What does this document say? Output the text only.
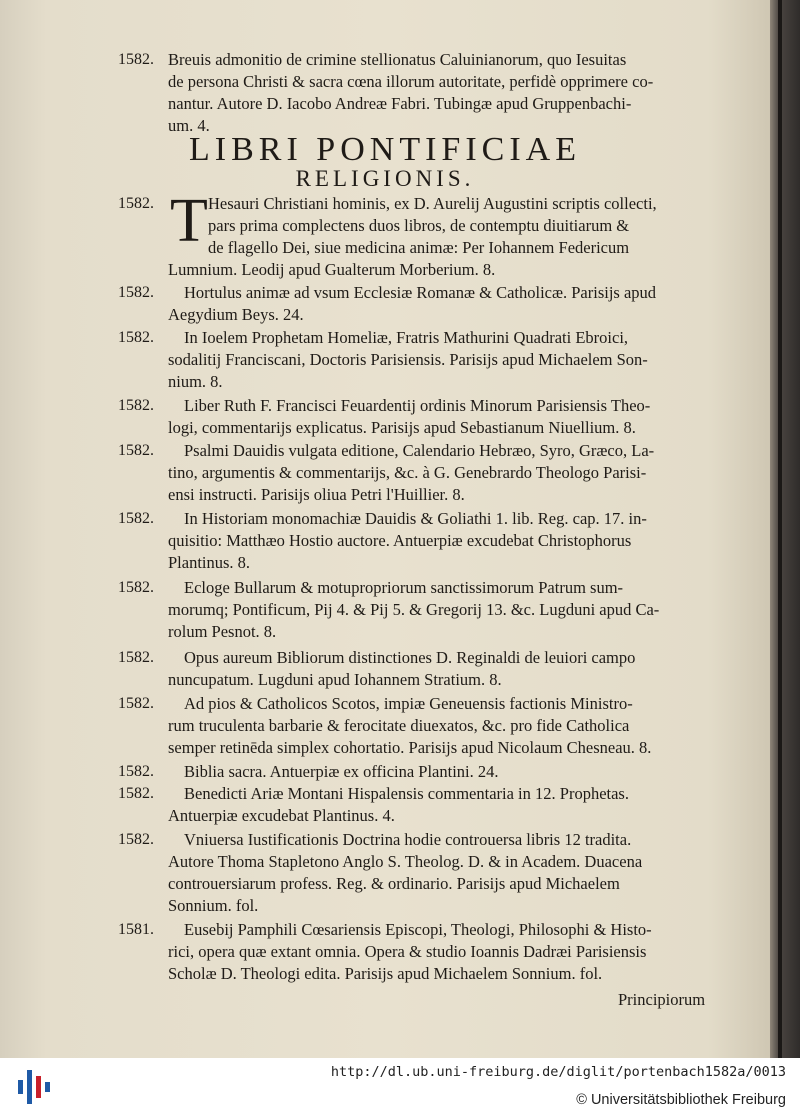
1582. Breuis admonitio de crimine stellionatus Caluinianorum, quo Iesuitas
de persona Christi & sacra cœna illorum autoritate, perfidè opprimere co-
nantur. Autore D. Iacobo Andreæ Fabri. Tubingæ apud Gruppenbachi-
um. 4.
LIBRI PONTIFICIAE
RELIGIONIS.
T
1582.	Hesauri Christiani hominis, ex D. Aurelij Augustini scriptis collecti,
pars prima complectens duos libros, de contemptu diuitiarum &
de flagello Dei, siue medicina animæ: Per Iohannem Federicum
Lumnium. Leodij apud Gualterum Morberium. 8.
1582. Hortulus animæ ad vsum Ecclesiæ Romanæ & Catholicæ. Parisijs apud
Aegydium Beys. 24.
1582. In Ioelem Prophetam Homeliæ, Fratris Mathurini Quadrati Ebroici,
sodalitij Franciscani, Doctoris Parisiensis. Parisijs apud Michaelem Son-
nium. 8.
1582. Liber Ruth F. Francisci Feuardentij ordinis Minorum Parisiensis Theo-
logi, commentarijs explicatus. Parisijs apud Sebastianum Niuellium. 8.
1582. Psalmi Dauidis vulgata editione, Calendario Hebræo, Syro, Græco, La-
tino, argumentis & commentarijs, &c. à G. Genebrardo Theologo Parisi-
ensi instructi. Parisijs oliua Petri l'Huillier. 8.
1582. In Historiam monomachiæ Dauidis & Goliathi 1. lib. Reg. cap. 17. in-
quisitio: Matthæo Hostio auctore. Antuerpiæ excudebat Christophorus
Plantinus. 8.
1582. Ecloge Bullarum & motupropriorum sanctissimorum Patrum sum-
morumq; Pontificum, Pij 4. & Pij 5. & Gregorij 13. &c. Lugduni apud Ca-
rolum Pesnot. 8.
1582. Opus aureum Bibliorum distinctiones D. Reginaldi de leuiori campo
nuncupatum. Lugduni apud Iohannem Stratium. 8.
1582. Ad pios & Catholicos Scotos, impiæ Geneuensis factionis Ministro-
rum truculenta barbarie & ferocitate diuexatos, &c. pro fide Catholica
semper retinēda simplex cohortatio. Parisijs apud Nicolaum Chesneau. 8.
1582. Biblia sacra. Antuerpiæ ex officina Plantini. 24.
1582. Benedicti Ariæ Montani Hispalensis commentaria in 12. Prophetas.
Antuerpiæ excudebat Plantinus. 4.
1582. Vniuersa Iustificationis Doctrina hodie controuersa libris 12 tradita.
Autore Thoma Stapletono Anglo S. Theolog. D. & in Academ. Duacena
controuersiarum profess. Reg. & ordinario. Parisijs apud Michaelem
Sonnium. fol.
1581. Eusebij Pamphili Cœsariensis Episcopi, Theologi, Philosophi & Histo-
rici, opera quæ extant omnia. Opera & studio Ioannis Dadræi Parisiensis
Scholæ D. Theologi edita. Parisijs apud Michaelem Sonnium. fol.
Principiorum
http://dl.ub.uni-freiburg.de/diglit/portenbach1582a/0013
© Universitätsbibliothek Freiburg
